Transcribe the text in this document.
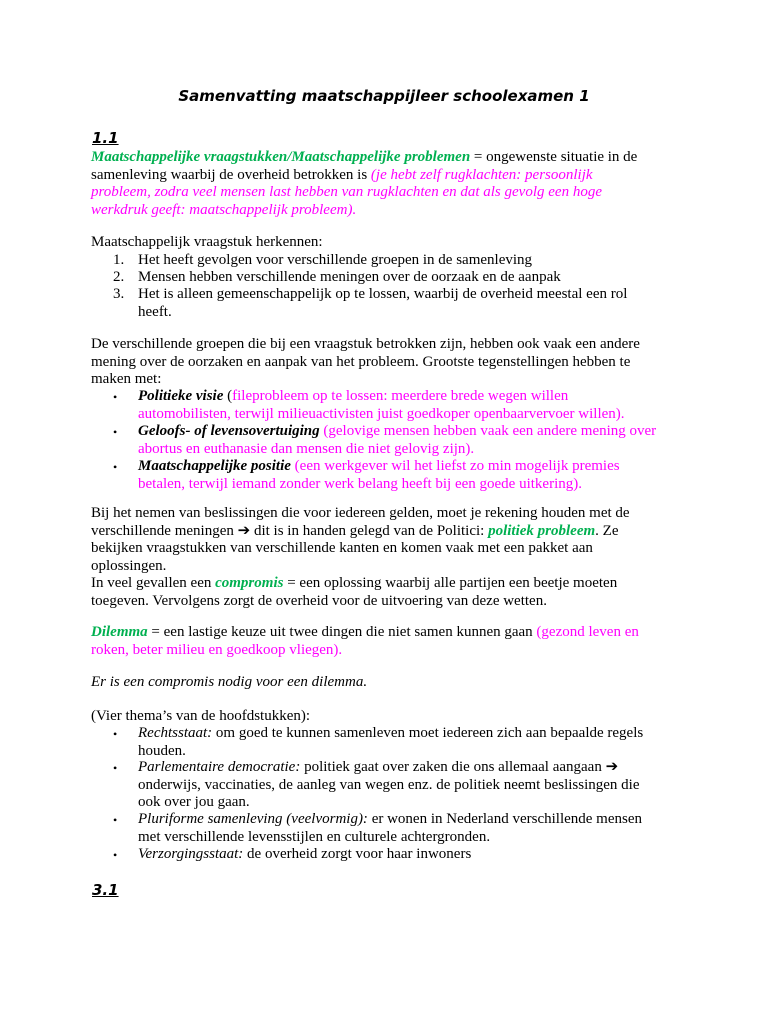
Samenvatting maatschappijleer schoolexamen 1
1.1
Maatschappelijke vraagstukken/Maatschappelijke problemen = ongewenste situatie in de
samenleving waarbij de overheid betrokken is (je hebt zelf rugklachten: persoonlijk
probleem, zodra veel mensen last hebben van rugklachten en dat als gevolg een hoge
werkdruk geeft: maatschappelijk probleem).
Maatschappelijk vraagstuk herkennen:
1. Het heeft gevolgen voor verschillende groepen in de samenleving
2. Mensen hebben verschillende meningen over de oorzaak en de aanpak
3. Het is alleen gemeenschappelijk op te lossen, waarbij de overheid meestal een rol
heeft.
De verschillende groepen die bij een vraagstuk betrokken zijn, hebben ook vaak een andere
mening over de oorzaken en aanpak van het probleem. Grootste tegenstellingen hebben te
maken met:
• Politieke visie (fileprobleem op te lossen: meerdere brede wegen willen
automobilisten, terwijl milieuactivisten juist goedkoper openbaarvervoer willen).
• Geloofs- of levensovertuiging (gelovige mensen hebben vaak een andere mening over
abortus en euthanasie dan mensen die niet gelovig zijn).
• Maatschappelijke positie (een werkgever wil het liefst zo min mogelijk premies
betalen, terwijl iemand zonder werk belang heeft bij een goede uitkering).
Bij het nemen van beslissingen die voor iedereen gelden, moet je rekening houden met de
verschillende meningen ➔ dit is in handen gelegd van de Politici: politiek probleem. Ze
bekijken vraagstukken van verschillende kanten en komen vaak met een pakket aan
oplossingen.
In veel gevallen een compromis = een oplossing waarbij alle partijen een beetje moeten
toegeven. Vervolgens zorgt de overheid voor de uitvoering van deze wetten.
Dilemma = een lastige keuze uit twee dingen die niet samen kunnen gaan (gezond leven en
roken, beter milieu en goedkoop vliegen).
Er is een compromis nodig voor een dilemma.
(Vier thema’s van de hoofdstukken):
• Rechtsstaat: om goed te kunnen samenleven moet iedereen zich aan bepaalde regels
houden.
• Parlementaire democratie: politiek gaat over zaken die ons allemaal aangaan ➔
onderwijs, vaccinaties, de aanleg van wegen enz. de politiek neemt beslissingen die
ook over jou gaan.
• Pluriforme samenleving (veelvormig): er wonen in Nederland verschillende mensen
met verschillende levensstijlen en culturele achtergronden.
• Verzorgingsstaat: de overheid zorgt voor haar inwoners
3.1
